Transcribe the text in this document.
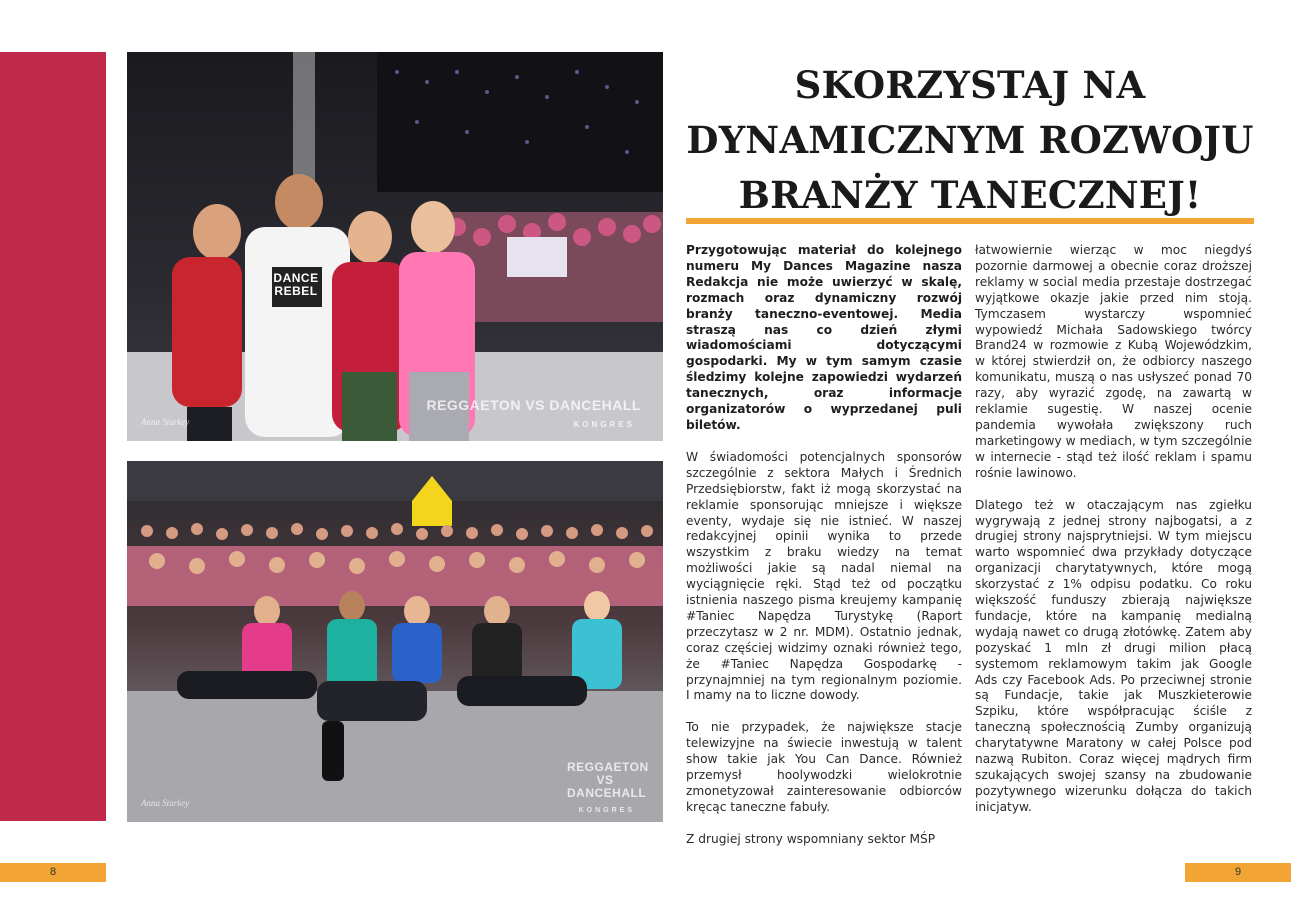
REGGAETON VS DANCEHALL
KONGRES
Anna Starkey
DANCE REBEL
REGGAETON VS DANCEHALL
KONGRES
Anna Starkey
SKORZYSTAJ NA
DYNAMICZNYM ROZWOJU
BRANŻY TANECZNEJ!

Przygotowując materiał do kolejnego numeru My Dances Magazine nasza Redakcja nie może uwierzyć w skalę, rozmach oraz dynamiczny rozwój branży taneczno-eventowej. Media straszą nas co dzień złymi wiadomościami dotyczącymi gospodarki. My w tym samym czasie śledzimy kolejne zapowiedzi wydarzeń tanecznych, oraz informacje organizatorów o wyprzedanej puli biletów.

W świadomości potencjalnych sponsorów szczególnie z sektora Małych i Średnich Przedsiębiorstw, fakt iż mogą skorzystać na reklamie sponsorując mniejsze i większe eventy, wydaje się nie istnieć. W naszej redakcyjnej opinii wynika to przede wszystkim z braku wiedzy na temat możliwości jakie są nadal niemal na wyciągnięcie ręki. Stąd też od początku istnienia naszego pisma kreujemy kampanię #Taniec Napędza Turystykę (Raport przeczytasz w 2 nr. MDM). Ostatnio jednak, coraz częściej widzimy oznaki również tego, że #Taniec Napędza Gospodarkę - przynajmniej na tym regionalnym poziomie. I mamy na to liczne dowody.

To nie przypadek, że największe stacje telewizyjne na świecie inwestują w talent show takie jak You Can Dance. Również przemysł hoolywodzki wielokrotnie zmonetyzował zainteresowanie odbiorców kręcąc taneczne fabuły.

Z drugiej strony wspomniany sektor MŚP

łatwowiernie wierząc w moc niegdyś pozornie darmowej a obecnie coraz droższej reklamy w social media przestaje dostrzegać wyjątkowe okazje jakie przed nim stoją. Tymczasem wystarczy wspomnieć wypowiedź Michała Sadowskiego twórcy Brand24 w rozmowie z Kubą Wojewódzkim, w której stwierdził on, że odbiorcy naszego komunikatu, muszą o nas usłyszeć ponad 70 razy, aby wyrazić zgodę, na zawartą w reklamie sugestię. W naszej ocenie pandemia wywołała zwiększony ruch marketingowy w mediach, w tym szczególnie w internecie - stąd też ilość reklam i spamu rośnie lawinowo.

Dlatego też w otaczającym nas zgiełku wygrywają z jednej strony najbogatsi, a z drugiej strony najsprytniejsi. W tym miejscu warto wspomnieć dwa przykłady dotyczące organizacji charytatywnych, które mogą skorzystać z 1% odpisu podatku. Co roku większość funduszy zbierają największe fundacje, które na kampanię medialną wydają nawet co drugą złotówkę. Zatem aby pozyskać 1 mln zł drugi milion płacą systemom reklamowym takim jak Google Ads czy Facebook Ads. Po przeciwnej stronie są Fundacje, takie jak Muszkieterowie Szpiku, które współpracując ściśle z taneczną społecznością Zumby organizują charytatywne Maratony w całej Polsce pod nazwą Rubiton. Coraz więcej mądrych firm szukających swojej szansy na zbudowanie pozytywnego wizerunku dołącza do takich inicjatyw.

8	9
